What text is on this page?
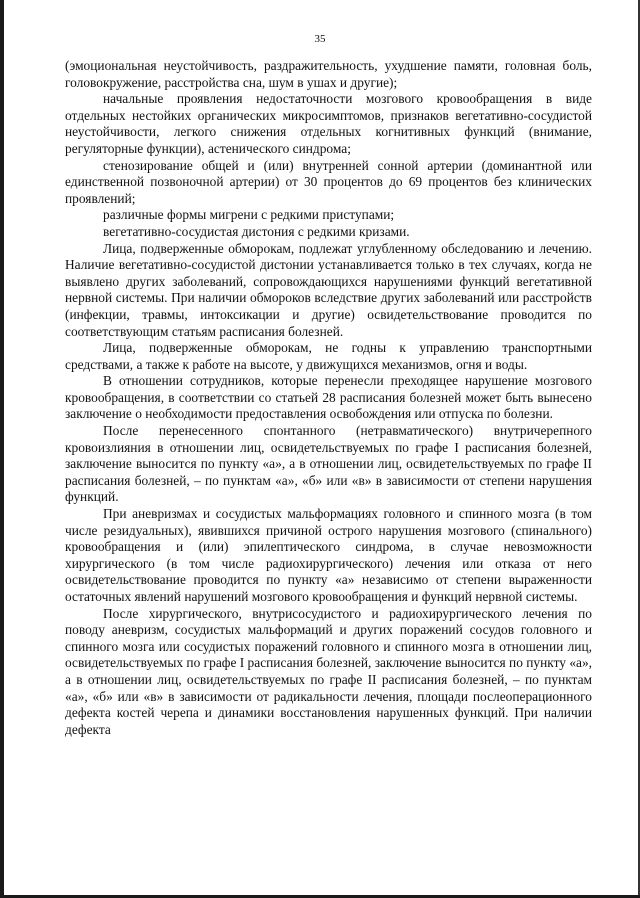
35

(эмоциональная неустойчивость, раздражительность, ухудшение памяти, головная боль, головокружение, расстройства сна, шум в ушах и другие);

начальные проявления недостаточности мозгового кровообращения в виде отдельных нестойких органических микросимптомов, признаков вегетативно-сосудистой неустойчивости, легкого снижения отдельных когнитивных функций (внимание, регуляторные функции), астенического синдрома;

стенозирование общей и (или) внутренней сонной артерии (доминантной или единственной позвоночной артерии) от 30 процентов до 69 процентов без клинических проявлений;

различные формы мигрени с редкими приступами;

вегетативно-сосудистая дистония с редкими кризами.

Лица, подверженные обморокам, подлежат углубленному обследованию и лечению. Наличие вегетативно-сосудистой дистонии устанавливается только в тех случаях, когда не выявлено других заболеваний, сопровождающихся нарушениями функций вегетативной нервной системы. При наличии обмороков вследствие других заболеваний или расстройств (инфекции, травмы, интоксикации и другие) освидетельствование проводится по соответствующим статьям расписания болезней.

Лица, подверженные обморокам, не годны к управлению транспортными средствами, а также к работе на высоте, у движущихся механизмов, огня и воды.

В отношении сотрудников, которые перенесли преходящее нарушение мозгового кровообращения, в соответствии со статьей 28 расписания болезней может быть вынесено заключение о необходимости предоставления освобождения или отпуска по болезни.

После перенесенного спонтанного (нетравматического) внутричерепного кровоизлияния в отношении лиц, освидетельствуемых по графе I расписания болезней, заключение выносится по пункту «а», а в отношении лиц, освидетельствуемых по графе II расписания болезней, – по пунктам «а», «б» или «в» в зависимости от степени нарушения функций.

При аневризмах и сосудистых мальформациях головного и спинного мозга (в том числе резидуальных), явившихся причиной острого нарушения мозгового (спинального) кровообращения и (или) эпилептического синдрома, в случае невозможности хирургического (в том числе радиохирургического) лечения или отказа от него освидетельствование проводится по пункту «а» независимо от степени выраженности остаточных явлений нарушений мозгового кровообращения и функций нервной системы.

После хирургического, внутрисосудистого и радиохирургического лечения по поводу аневризм, сосудистых мальформаций и других поражений сосудов головного и спинного мозга или сосудистых поражений головного и спинного мозга в отношении лиц, освидетельствуемых по графе I расписания болезней, заключение выносится по пункту «а», а в отношении лиц, освидетельствуемых по графе II расписания болезней, – по пунктам «а», «б» или «в» в зависимости от радикальности лечения, площади послеоперационного дефекта костей черепа и динамики восстановления нарушенных функций. При наличии дефекта
